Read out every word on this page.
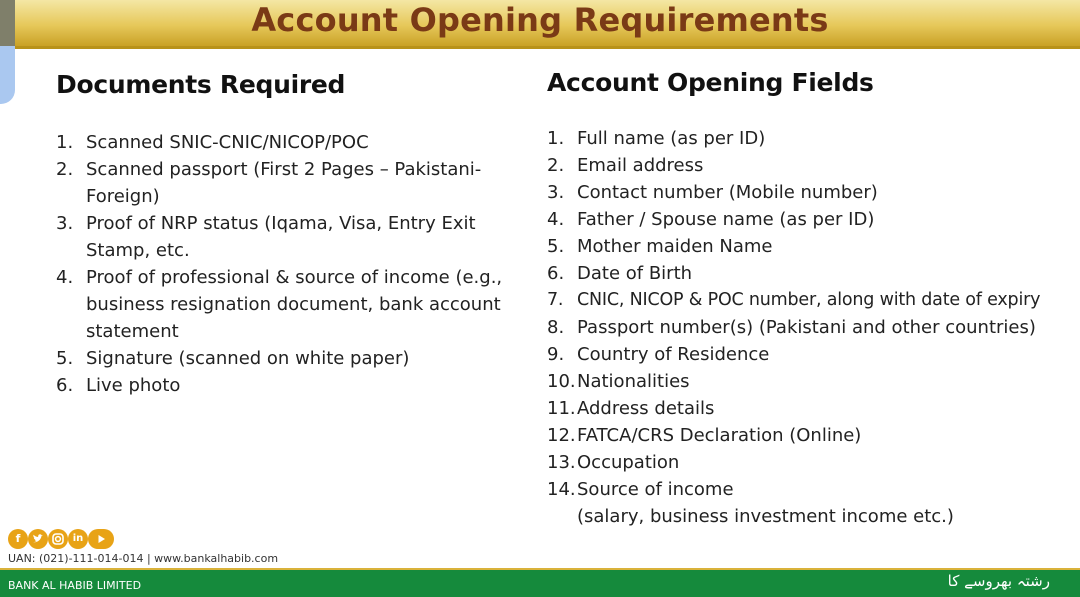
Account Opening Requirements
Documents Required
1. Scanned SNIC-CNIC/NICOP/POC
2. Scanned passport (First 2 Pages – Pakistani-Foreign)
3. Proof of NRP status (Iqama, Visa, Entry Exit Stamp, etc.
4. Proof of professional & source of income (e.g., business resignation document, bank account statement
5. Signature (scanned on white paper)
6. Live photo
Account Opening Fields
1. Full name (as per ID)
2. Email address
3. Contact number (Mobile number)
4. Father / Spouse name (as per ID)
5. Mother maiden Name
6. Date of Birth
7. CNIC, NICOP & POC number, along with date of expiry
8. Passport number(s) (Pakistani and other countries)
9. Country of Residence
10. Nationalities
11. Address details
12. FATCA/CRS Declaration (Online)
13. Occupation
14. Source of income
(salary, business investment income etc.)
f	in
UAN: (021)-111-014-014 | www.bankalhabib.com
BANK AL HABIB LIMITED	رشتہ بھروسے کا
